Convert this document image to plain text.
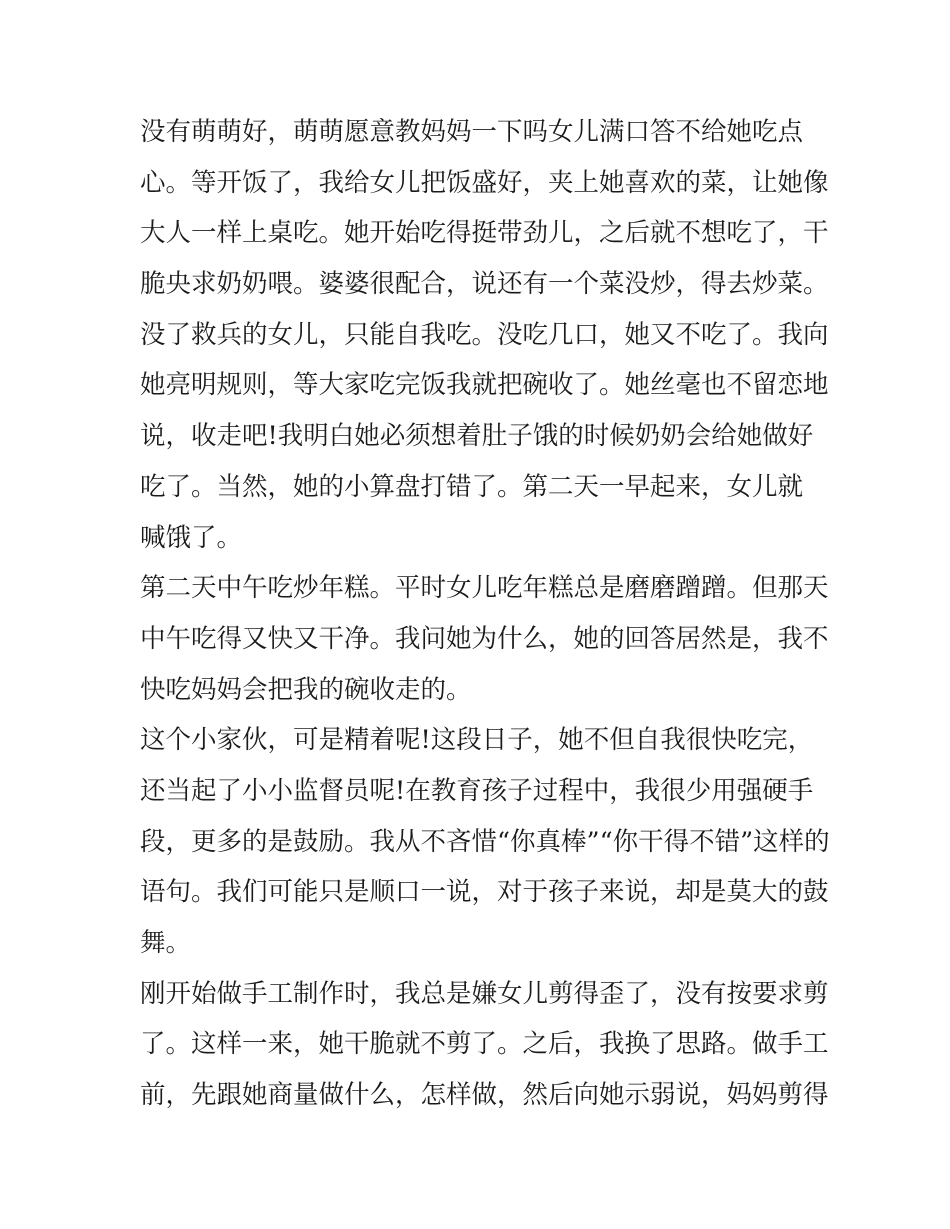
没有萌萌好，萌萌愿意教妈妈一下吗女儿满口答不给她吃点
心。等开饭了，我给女儿把饭盛好，夹上她喜欢的菜，让她像
大人一样上桌吃。她开始吃得挺带劲儿，之后就不想吃了，干
脆央求奶奶喂。婆婆很配合，说还有一个菜没炒，得去炒菜。
没了救兵的女儿，只能自我吃。没吃几口，她又不吃了。我向
她亮明规则，等大家吃完饭我就把碗收了。她丝毫也不留恋地
说，收走吧!我明白她必须想着肚子饿的时候奶奶会给她做好
吃了。当然，她的小算盘打错了。第二天一早起来，女儿就
喊饿了。
第二天中午吃炒年糕。平时女儿吃年糕总是磨磨蹭蹭。但那天
中午吃得又快又干净。我问她为什么，她的回答居然是，我不
快吃妈妈会把我的碗收走的。
这个小家伙，可是精着呢!这段日子，她不但自我很快吃完，
还当起了小小监督员呢!在教育孩子过程中，我很少用强硬手
段，更多的是鼓励。我从不吝惜“你真棒”“你干得不错”这样的
语句。我们可能只是顺口一说，对于孩子来说，却是莫大的鼓
舞。
刚开始做手工制作时，我总是嫌女儿剪得歪了，没有按要求剪
了。这样一来，她干脆就不剪了。之后，我换了思路。做手工
前，先跟她商量做什么，怎样做，然后向她示弱说，妈妈剪得
